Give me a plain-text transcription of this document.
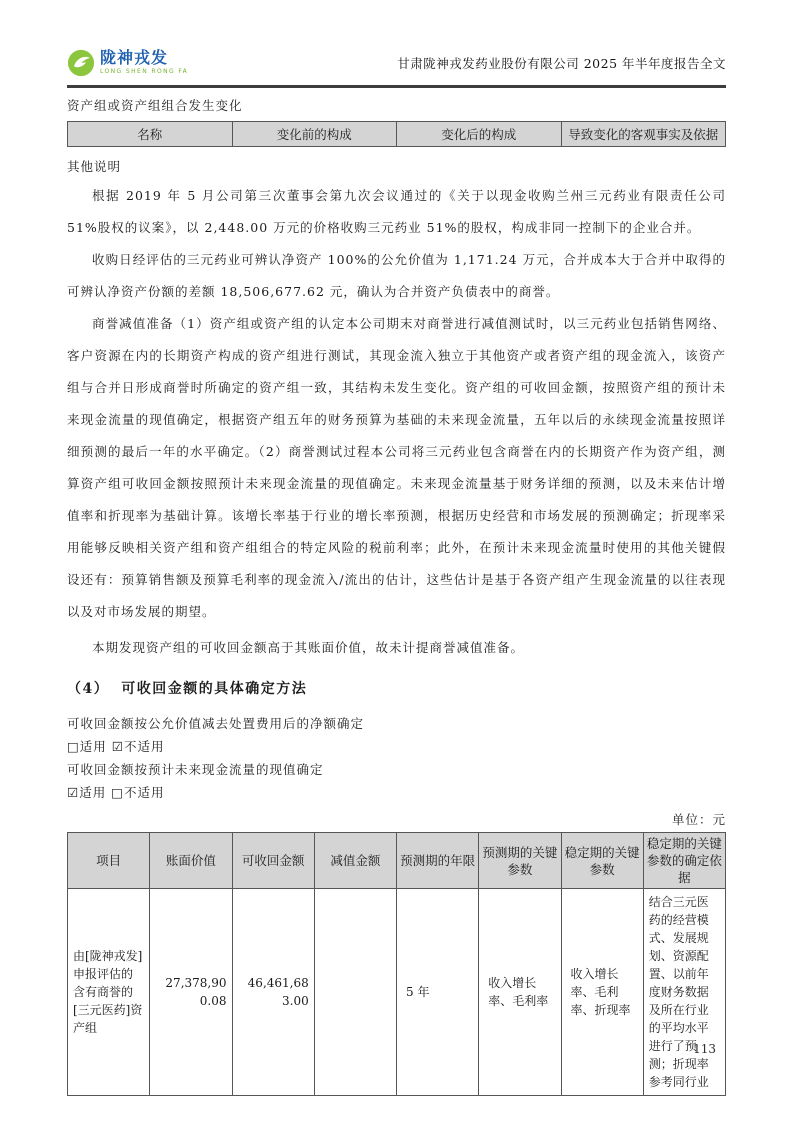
陇神戎发
LONG SHEN RONG FA
甘肃陇神戎发药业股份有限公司 2025 年半年度报告全文
资产组或资产组组合发生变化
名称	变化前的构成	变化后的构成	导致变化的客观事实及依据
其他说明

根据 2019 年 5 月公司第三次董事会第九次会议通过的《关于以现金收购兰州三元药业有限责任公司 51%股权的议案》，以 2,448.00 万元的价格收购三元药业 51%的股权，构成非同一控制下的企业合并。

收购日经评估的三元药业可辨认净资产 100%的公允价值为 1,171.24 万元，合并成本大于合并中取得的可辨认净资产份额的差额 18,506,677.62 元，确认为合并资产负债表中的商誉。

商誉减值准备（1）资产组或资产组的认定本公司期末对商誉进行减值测试时，以三元药业包括销售网络、客户资源在内的长期资产构成的资产组进行测试，其现金流入独立于其他资产或者资产组的现金流入，该资产组与合并日形成商誉时所确定的资产组一致，其结构未发生变化。资产组的可收回金额，按照资产组的预计未来现金流量的现值确定，根据资产组五年的财务预算为基础的未来现金流量，五年以后的永续现金流量按照详细预测的最后一年的水平确定。（2）商誉测试过程本公司将三元药业包含商誉在内的长期资产作为资产组，测算资产组可收回金额按照预计未来现金流量的现值确定。未来现金流量基于财务详细的预测，以及未来估计增值率和折现率为基础计算。该增长率基于行业的增长率预测，根据历史经营和市场发展的预测确定；折现率采用能够反映相关资产组和资产组组合的特定风险的税前利率；此外，在预计未来现金流量时使用的其他关键假设还有：预算销售额及预算毛利率的现金流入/流出的估计，这些估计是基于各资产组产生现金流量的以往表现以及对市场发展的期望。

本期发现资产组的可收回金额高于其账面价值，故未计提商誉减值准备。

（4） 可收回金额的具体确定方法
可收回金额按公允价值减去处置费用后的净额确定
□适用 ☑不适用
可收回金额按预计未来现金流量的现值确定
☑适用 □不适用
单位：元
项目	账面价值	可收回金额	减值金额	预测期的年限	预测期的关键参数	稳定期的关键参数	稳定期的关键参数的确定依据
由[陇神戎发]申报评估的含有商誉的[三元医药]资产组	27,378,900.08	46,461,683.00		5 年	收入增长率、毛利率	收入增长率、毛利率、折现率	结合三元医药的经营模式、发展规划、资源配置、以前年度财务数据及所在行业的平均水平进行了预测；折现率参考同行业
113
